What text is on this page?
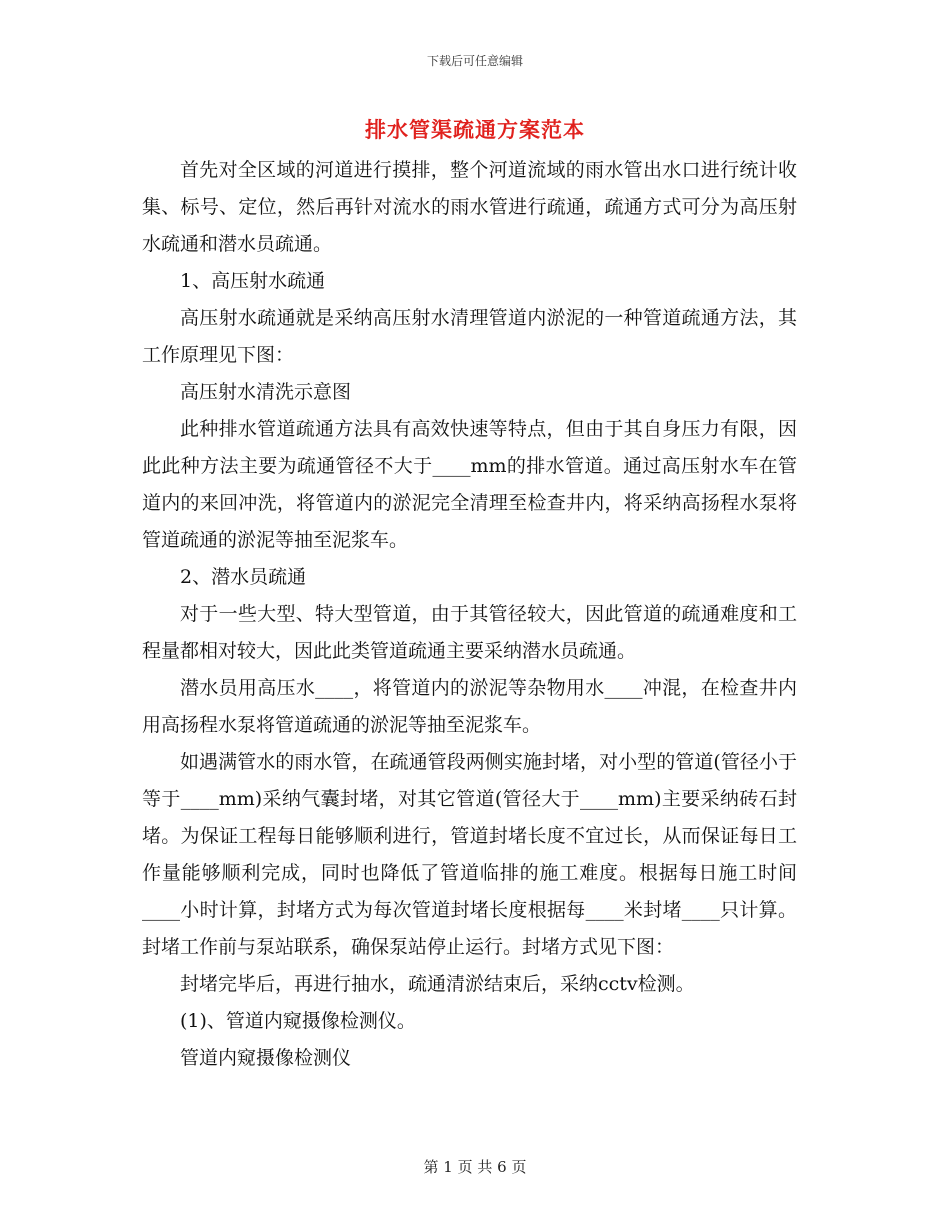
下载后可任意编辑
排水管渠疏通方案范本

首先对全区域的河道进行摸排，整个河道流域的雨水管出水口进行统计收集、标号、定位，然后再针对流水的雨水管进行疏通，疏通方式可分为高压射水疏通和潜水员疏通。

1、高压射水疏通

高压射水疏通就是采纳高压射水清理管道内淤泥的一种管道疏通方法，其工作原理见下图：

高压射水清洗示意图

此种排水管道疏通方法具有高效快速等特点，但由于其自身压力有限，因此此种方法主要为疏通管径不大于____mm的排水管道。通过高压射水车在管道内的来回冲洗，将管道内的淤泥完全清理至检查井内，将采纳高扬程水泵将管道疏通的淤泥等抽至泥浆车。

2、潜水员疏通

对于一些大型、特大型管道，由于其管径较大，因此管道的疏通难度和工程量都相对较大，因此此类管道疏通主要采纳潜水员疏通。

潜水员用高压水____，将管道内的淤泥等杂物用水____冲混，在检查井内用高扬程水泵将管道疏通的淤泥等抽至泥浆车。

如遇满管水的雨水管，在疏通管段两侧实施封堵，对小型的管道(管径小于等于____mm)采纳气囊封堵，对其它管道(管径大于____mm)主要采纳砖石封堵。为保证工程每日能够顺利进行，管道封堵长度不宜过长，从而保证每日工作量能够顺利完成，同时也降低了管道临排的施工难度。根据每日施工时间____小时计算，封堵方式为每次管道封堵长度根据每____米封堵____只计算。封堵工作前与泵站联系，确保泵站停止运行。封堵方式见下图：

封堵完毕后，再进行抽水，疏通清淤结束后，采纳cctv检测。

(1)、管道内窥摄像检测仪。

管道内窥摄像检测仪

第 1 页 共 6 页
